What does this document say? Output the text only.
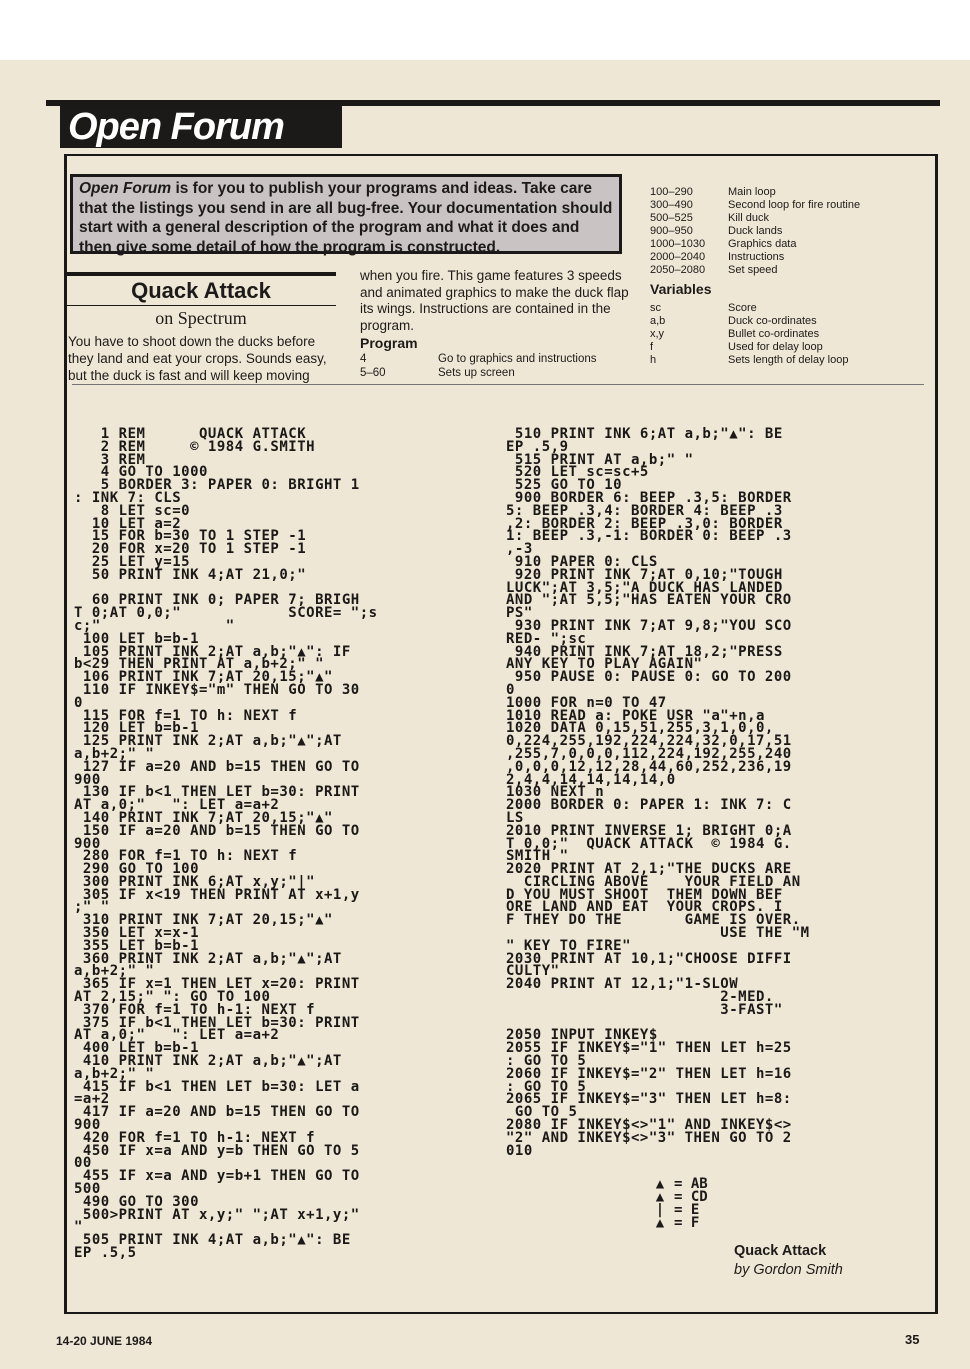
Open Forum
Open Forum is for you to publish your programs and ideas. Take care that the listings you send in are all bug-free. Your documentation should start with a general description of the program and what it does and then give some detail of how the program is constructed.
Quack Attack
on Spectrum
You have to shoot down the ducks before they land and eat your crops. Sounds easy, but the duck is fast and will keep moving
when you fire. This game features 3 speeds and animated graphics to make the duck flap its wings. Instructions are contained in the program.
Program
4	Go to graphics and instructions
5–60	Sets up screen
100–290	Main loop
300–490	Second loop for fire routine
500–525	Kill duck
900–950	Duck lands
1000–1030	Graphics data
2000–2040	Instructions
2050–2080	Set speed
Variables
sc	Score
a,b	Duck co-ordinates
x,y	Bullet co-ordinates
f	Used for delay loop
h	Sets length of delay loop
1 REM      QUACK ATTACK
2 REM     © 1984 G.SMITH
3 REM
4 GO TO 1000
5 BORDER 3: PAPER 0: BRIGHT 1
: INK 7: CLS
8 LET sc=0
10 LET a=2
15 FOR b=30 TO 1 STEP -1
20 FOR x=20 TO 1 STEP -1
25 LET y=15
50 PRINT INK 4;AT 21,0;"

60 PRINT INK 0; PAPER 7; BRIGH
T 0;AT 0,0;"            SCORE= ";s
c;"              "
100 LET b=b-1
105 PRINT INK 2;AT a,b;"▲": IF
b<29 THEN PRINT AT a,b+2;" "
106 PRINT INK 7;AT 20,15;"▲"
110 IF INKEY$="m" THEN GO TO 30
0
115 FOR f=1 TO h: NEXT f
120 LET b=b-1
125 PRINT INK 2;AT a,b;"▲";AT
a,b+2;" "
127 IF a=20 AND b=15 THEN GO TO
900
130 IF b<1 THEN LET b=30: PRINT
AT a,0;"   ": LET a=a+2
140 PRINT INK 7;AT 20,15;"▲"
150 IF a=20 AND b=15 THEN GO TO
900
280 FOR f=1 TO h: NEXT f
290 GO TO 100
300 PRINT INK 6;AT x,y;"|"
305 IF x<19 THEN PRINT AT x+1,y
;" "
310 PRINT INK 7;AT 20,15;"▲"
350 LET x=x-1
355 LET b=b-1
360 PRINT INK 2;AT a,b;"▲";AT
a,b+2;" "
365 IF x=1 THEN LET x=20: PRINT
AT 2,15;" ": GO TO 100
370 FOR f=1 TO h-1: NEXT f
375 IF b<1 THEN LET b=30: PRINT
AT a,0;"   ": LET a=a+2
400 LET b=b-1
410 PRINT INK 2;AT a,b;"▲";AT
a,b+2;" "
415 IF b<1 THEN LET b=30: LET a
=a+2
417 IF a=20 AND b=15 THEN GO TO
900
420 FOR f=1 TO h-1: NEXT f
450 IF x=a AND y=b THEN GO TO 5
00
455 IF x=a AND y=b+1 THEN GO TO
500
490 GO TO 300
500>PRINT AT x,y;" ";AT x+1,y;"
"
505 PRINT INK 4;AT a,b;"▲": BE
EP .5,5
510 PRINT INK 6;AT a,b;"▲": BE
EP .5,9
515 PRINT AT a,b;" "
520 LET sc=sc+5
525 GO TO 10
900 BORDER 6: BEEP .3,5: BORDER
5: BEEP .3,4: BORDER 4: BEEP .3
,2: BORDER 2: BEEP .3,0: BORDER
1: BEEP .3,-1: BORDER 0: BEEP .3
,-3
910 PAPER 0: CLS
920 PRINT INK 7;AT 0,10;"TOUGH
LUCK";AT 3,5;"A DUCK HAS LANDED
AND ";AT 5,5;"HAS EATEN YOUR CRO
PS"
930 PRINT INK 7;AT 9,8;"YOU SCO
RED- ";sc
940 PRINT INK 7;AT 18,2;"PRESS
ANY KEY TO PLAY AGAIN"
950 PAUSE 0: PAUSE 0: GO TO 200
0
1000 FOR n=0 TO 47
1010 READ a: POKE USR "a"+n,a
1020 DATA 0,15,51,255,3,1,0,0,
0,224,255,192,224,224,32,0,17,51
,255,7,0,0,0,112,224,192,255,240
,0,0,0,12,12,28,44,60,252,236,19
2,4,4,14,14,14,14,0
1030 NEXT n
2000 BORDER 0: PAPER 1: INK 7: C
LS
2010 PRINT INVERSE 1; BRIGHT 0;A
T 0,0;"  QUACK ATTACK  © 1984 G.
SMITH "
2020 PRINT AT 2,1;"THE DUCKS ARE
CIRCLING ABOVE    YOUR FIELD AN
D YOU MUST SHOOT  THEM DOWN BEF
ORE LAND AND EAT  YOUR CROPS. I
F THEY DO THE       GAME IS OVER.
USE THE "M
" KEY TO FIRE"
2030 PRINT AT 10,1;"CHOOSE DIFFI
CULTY"
2040 PRINT AT 12,1;"1-SLOW
2-MED.
3-FAST"

2050 INPUT INKEY$
2055 IF INKEY$="1" THEN LET h=25
: GO TO 5
2060 IF INKEY$="2" THEN LET h=16
: GO TO 5
2065 IF INKEY$="3" THEN LET h=8:
GO TO 5
2080 IF INKEY$<>"1" AND INKEY$<>
"2" AND INKEY$<>"3" THEN GO TO 2
010
▲ = AB
▲ = CD
| = E
▲ = F
Quack Attack
by Gordon Smith
14-20 JUNE 1984	35
